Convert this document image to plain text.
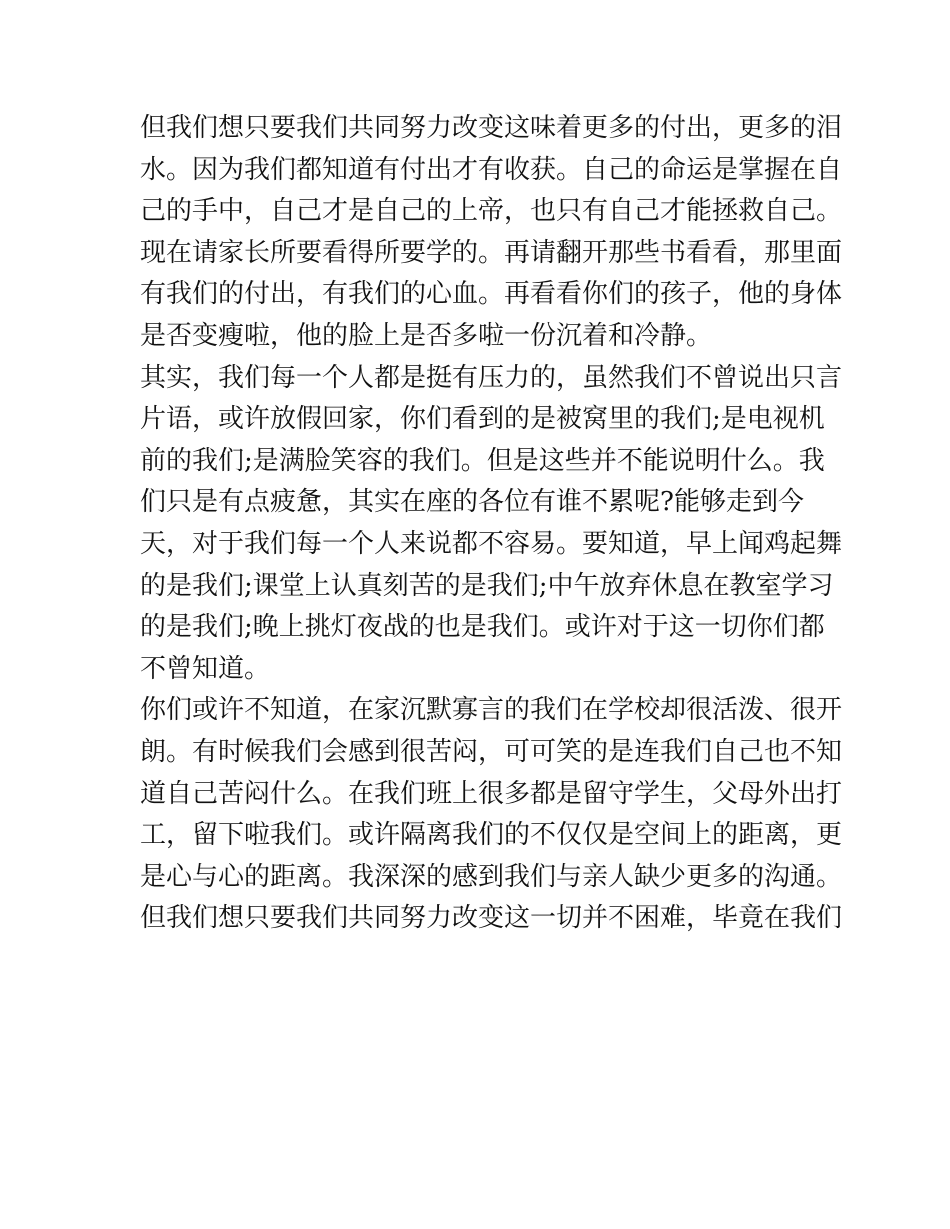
但我们想只要我们共同努力改变这味着更多的付出，更多的泪
水。因为我们都知道有付出才有收获。自己的命运是掌握在自
己的手中，自己才是自己的上帝，也只有自己才能拯救自己。
现在请家长所要看得所要学的。再请翻开那些书看看，那里面
有我们的付出，有我们的心血。再看看你们的孩子，他的身体
是否变瘦啦，他的脸上是否多啦一份沉着和冷静。
其实，我们每一个人都是挺有压力的，虽然我们不曾说出只言
片语，或许放假回家，你们看到的是被窝里的我们;是电视机
前的我们;是满脸笑容的我们。但是这些并不能说明什么。我
们只是有点疲惫，其实在座的各位有谁不累呢?能够走到今
天，对于我们每一个人来说都不容易。要知道，早上闻鸡起舞
的是我们;课堂上认真刻苦的是我们;中午放弃休息在教室学习
的是我们;晚上挑灯夜战的也是我们。或许对于这一切你们都
不曾知道。
你们或许不知道，在家沉默寡言的我们在学校却很活泼、很开
朗。有时候我们会感到很苦闷，可可笑的是连我们自己也不知
道自己苦闷什么。在我们班上很多都是留守学生，父母外出打
工，留下啦我们。或许隔离我们的不仅仅是空间上的距离，更
是心与心的距离。我深深的感到我们与亲人缺少更多的沟通。
但我们想只要我们共同努力改变这一切并不困难，毕竟在我们
